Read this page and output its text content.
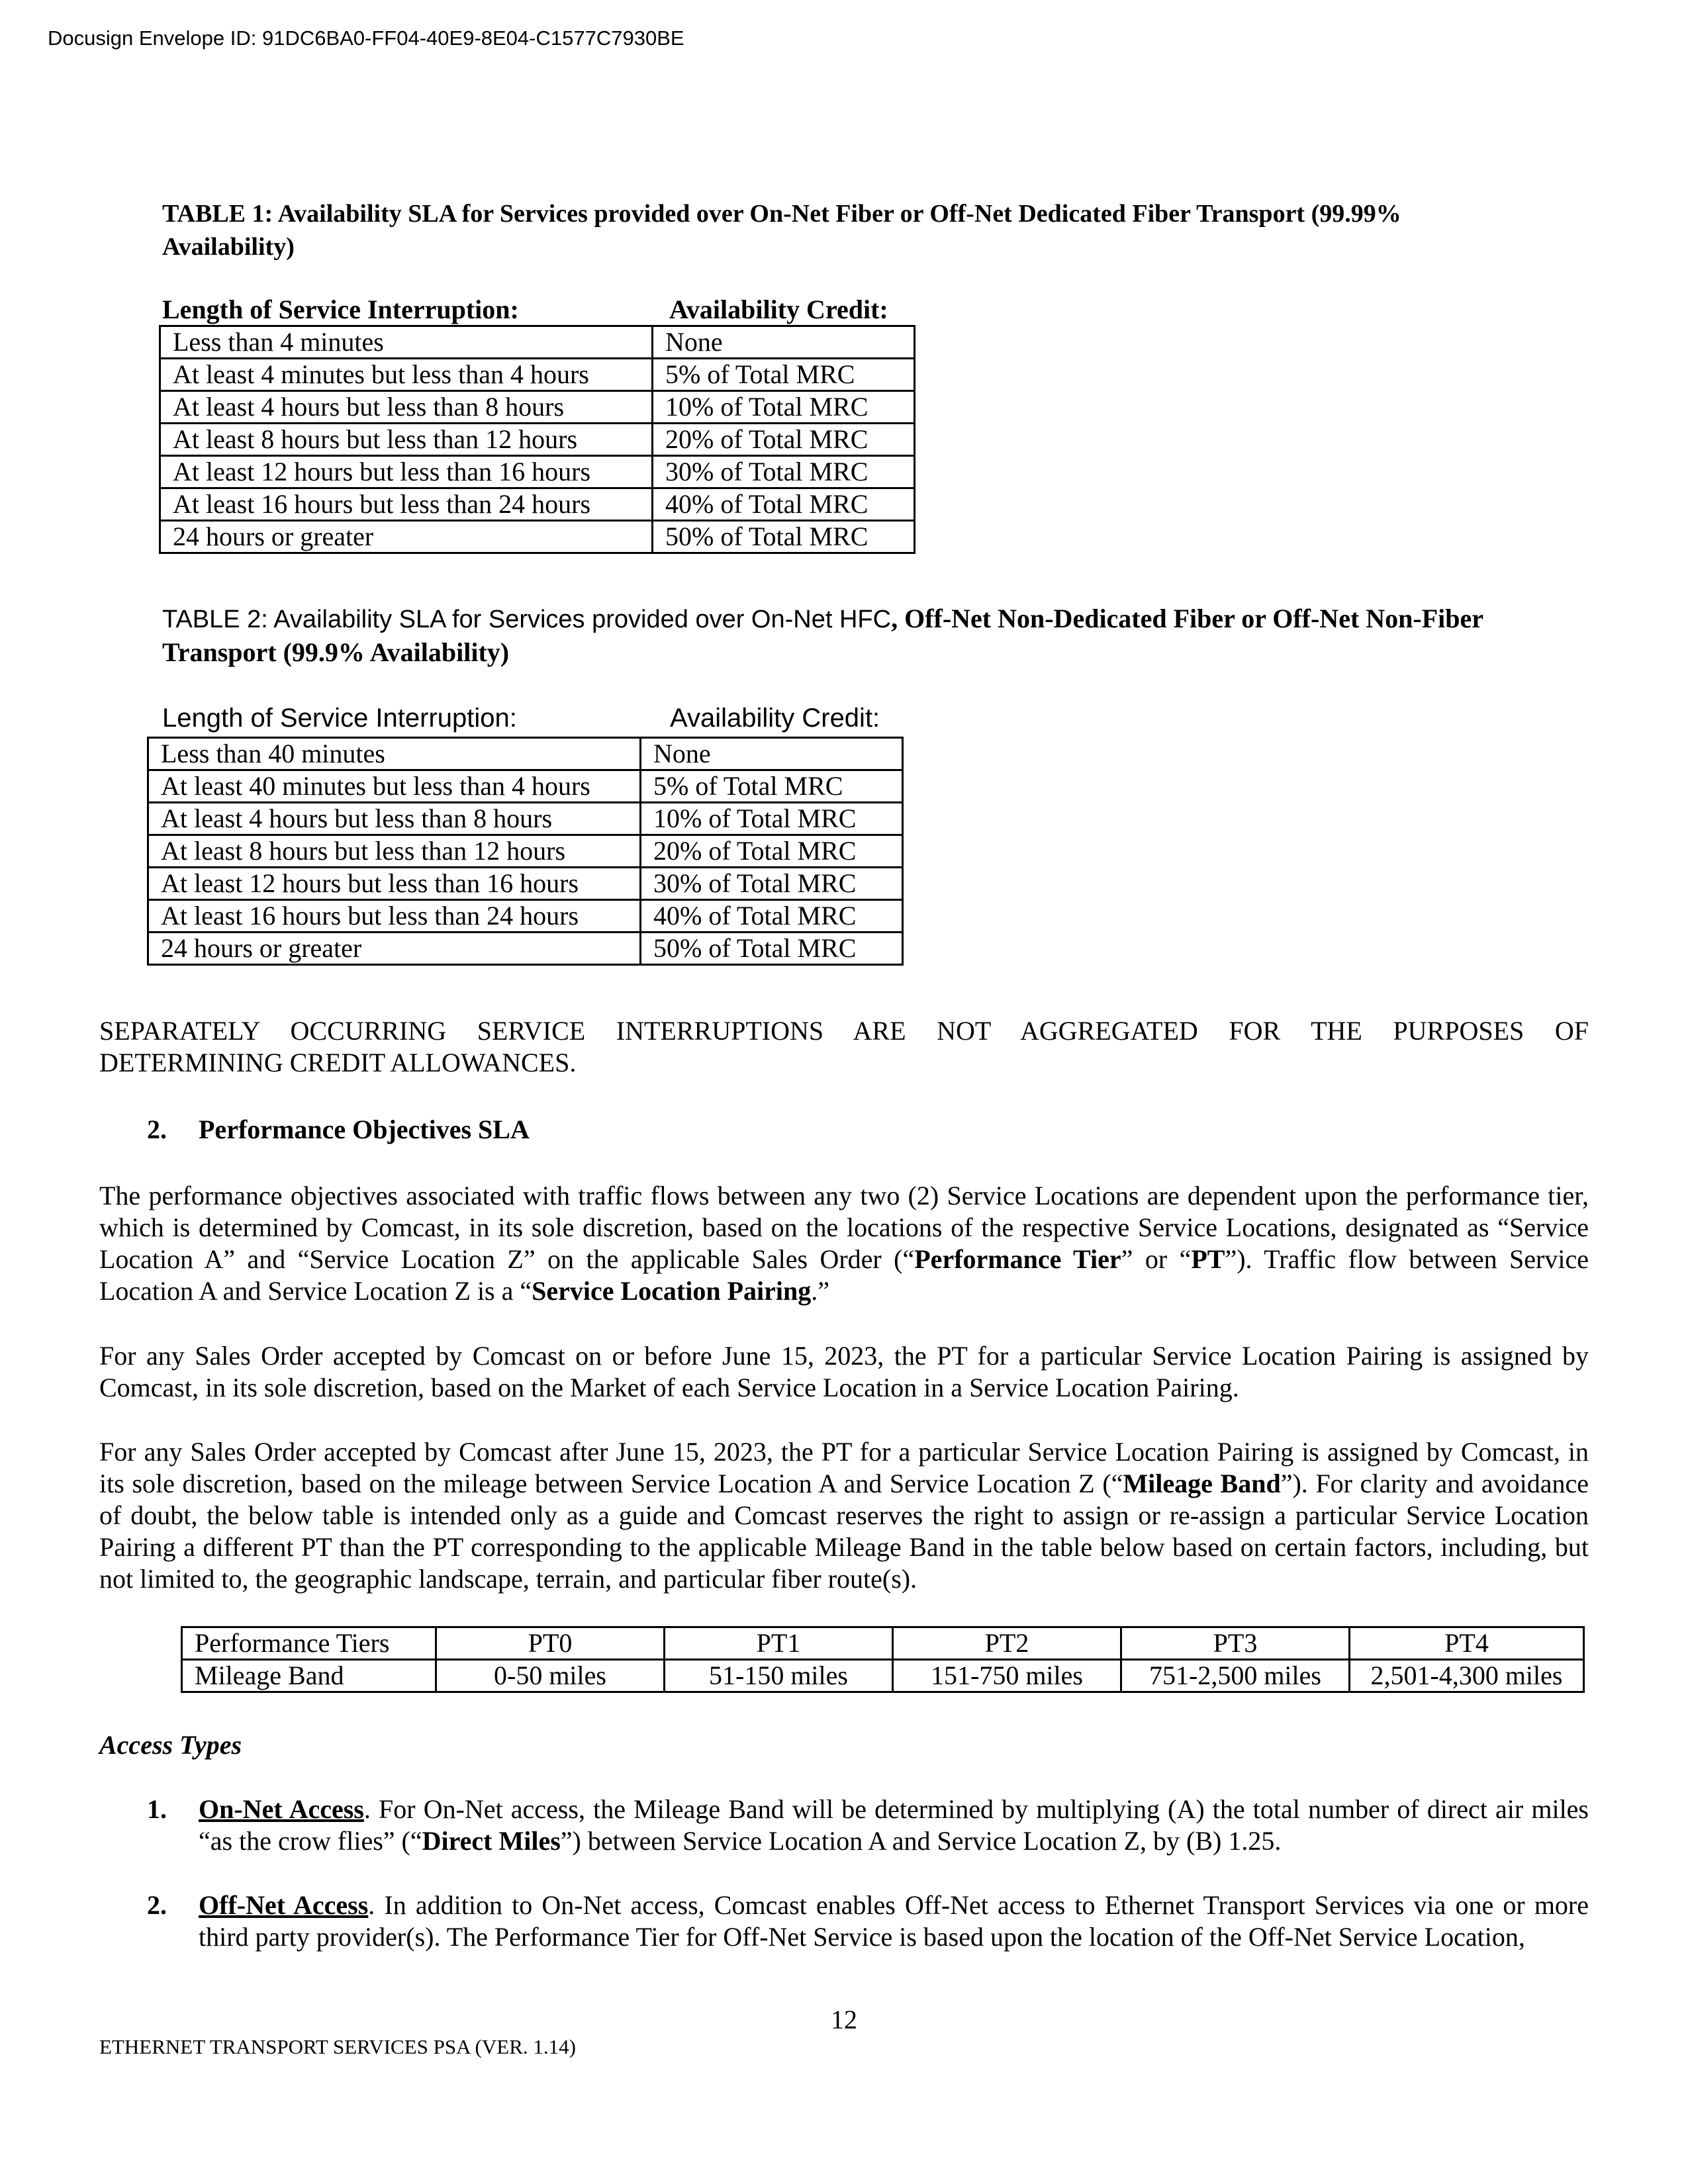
Docusign Envelope ID: 91DC6BA0-FF04-40E9-8E04-C1577C7930BE
TABLE 1: Availability SLA for Services provided over On-Net Fiber or Off-Net Dedicated Fiber Transport (99.99%
Availability)
Length of Service Interruption:	Availability Credit:
Less than 4 minutes	None
At least 4 minutes but less than 4 hours	5% of Total MRC
At least 4 hours but less than 8 hours	10% of Total MRC
At least 8 hours but less than 12 hours	20% of Total MRC
At least 12 hours but less than 16 hours	30% of Total MRC
At least 16 hours but less than 24 hours	40% of Total MRC
24 hours or greater	50% of Total MRC
TABLE 2: Availability SLA for Services provided over On-Net HFC, Off-Net Non-Dedicated Fiber or Off-Net Non-Fiber
Transport (99.9% Availability)
Length of Service Interruption:	Availability Credit:
Less than 40 minutes	None
At least 40 minutes but less than 4 hours	5% of Total MRC
At least 4 hours but less than 8 hours	10% of Total MRC
At least 8 hours but less than 12 hours	20% of Total MRC
At least 12 hours but less than 16 hours	30% of Total MRC
At least 16 hours but less than 24 hours	40% of Total MRC
24 hours or greater	50% of Total MRC
SEPARATELY OCCURRING SERVICE INTERRUPTIONS ARE NOT AGGREGATED FOR THE PURPOSES OF
DETERMINING CREDIT ALLOWANCES.
2. Performance Objectives SLA
The performance objectives associated with traffic flows between any two (2) Service Locations are dependent upon the performance tier, which is determined by Comcast, in its sole discretion, based on the locations of the respective Service Locations, designated as “Service Location A” and “Service Location Z” on the applicable Sales Order (“Performance Tier” or “PT”). Traffic flow between Service Location A and Service Location Z is a “Service Location Pairing.”
For any Sales Order accepted by Comcast on or before June 15, 2023, the PT for a particular Service Location Pairing is assigned by Comcast, in its sole discretion, based on the Market of each Service Location in a Service Location Pairing.
For any Sales Order accepted by Comcast after June 15, 2023, the PT for a particular Service Location Pairing is assigned by Comcast, in its sole discretion, based on the mileage between Service Location A and Service Location Z (“Mileage Band”). For clarity and avoidance of doubt, the below table is intended only as a guide and Comcast reserves the right to assign or re-assign a particular Service Location Pairing a different PT than the PT corresponding to the applicable Mileage Band in the table below based on certain factors, including, but not limited to, the geographic landscape, terrain, and particular fiber route(s).
Performance Tiers	PT0	PT1	PT2	PT3	PT4
Mileage Band	0-50 miles	51-150 miles	151-750 miles	751-2,500 miles	2,501-4,300 miles
Access Types
1. On-Net Access. For On-Net access, the Mileage Band will be determined by multiplying (A) the total number of direct air miles “as the crow flies” (“Direct Miles”) between Service Location A and Service Location Z, by (B) 1.25.
2. Off-Net Access. In addition to On-Net access, Comcast enables Off-Net access to Ethernet Transport Services via one or more third party provider(s). The Performance Tier for Off-Net Service is based upon the location of the Off-Net Service Location,
12
ETHERNET TRANSPORT SERVICES PSA (VER. 1.14)
